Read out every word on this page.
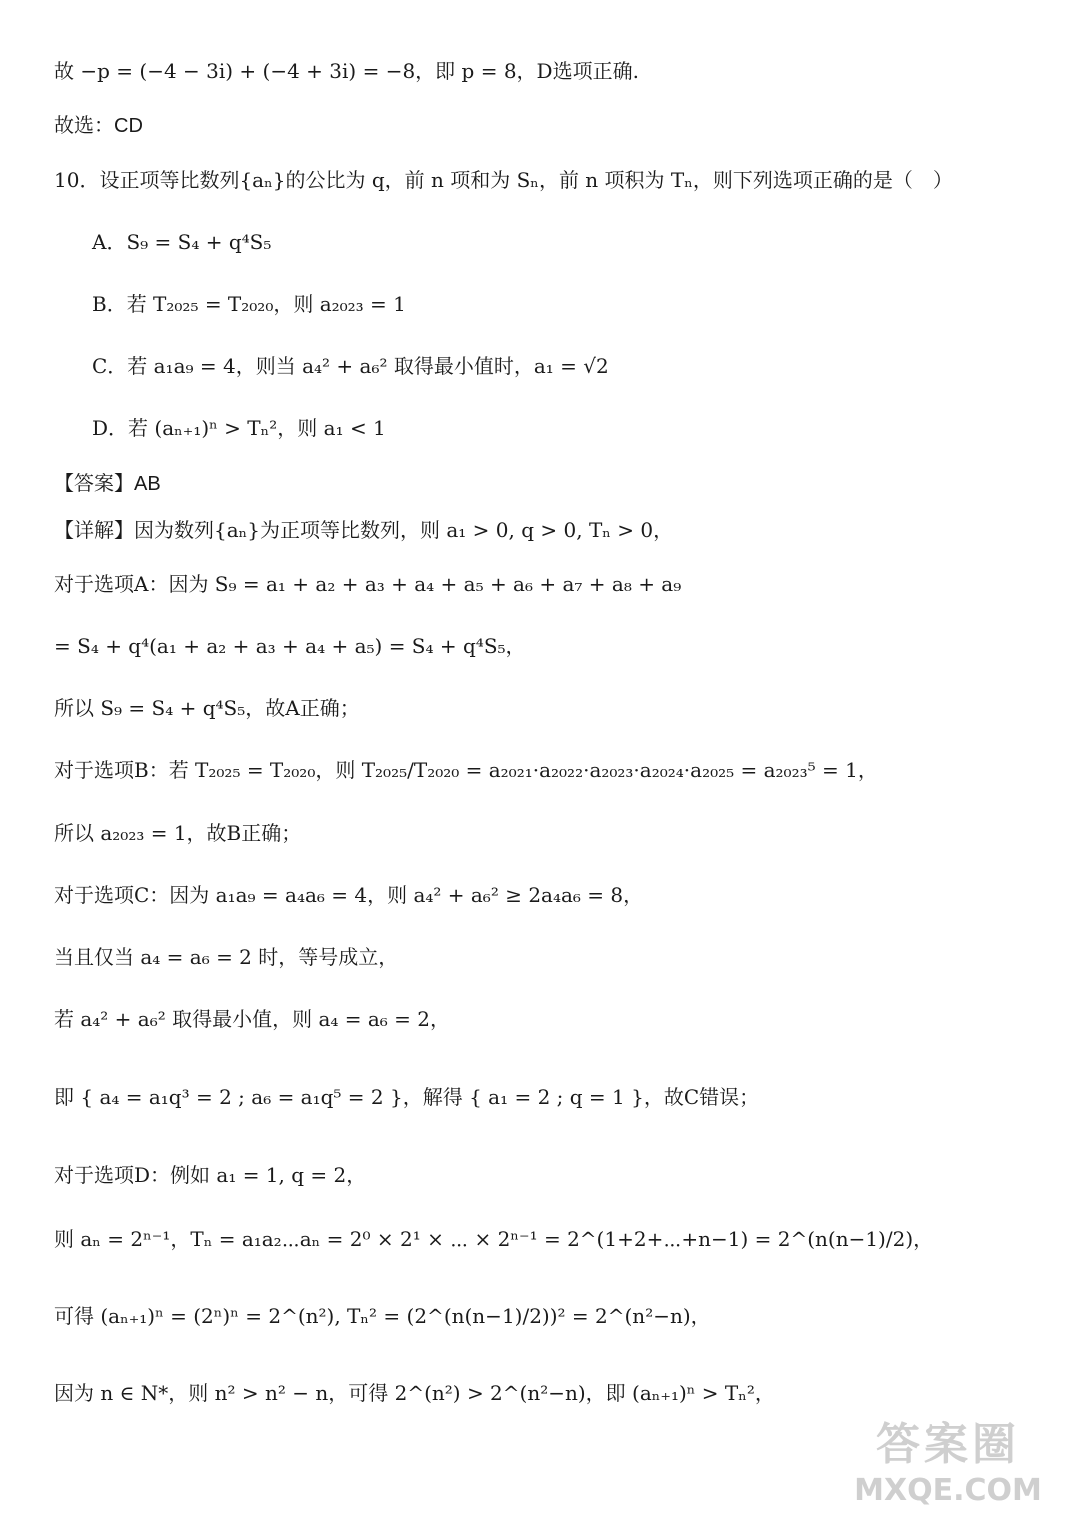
故 −p = (−4 − 3i) + (−4 + 3i) = −8，即 p = 8，D选项正确.
故选：CD
10．设正项等比数列{aₙ}的公比为 q，前 n 项和为 Sₙ，前 n 项积为 Tₙ，则下列选项正确的是（　）
A．S₉ = S₄ + q⁴S₅
B．若 T₂₀₂₅ = T₂₀₂₀，则 a₂₀₂₃ = 1
C．若 a₁a₉ = 4，则当 a₄² + a₆² 取得最小值时，a₁ = √2
D．若 (aₙ₊₁)ⁿ > Tₙ²，则 a₁ < 1
【答案】AB
【详解】因为数列{aₙ}为正项等比数列，则 a₁ > 0, q > 0, Tₙ > 0，
对于选项A：因为 S₉ = a₁ + a₂ + a₃ + a₄ + a₅ + a₆ + a₇ + a₈ + a₉
= S₄ + q⁴(a₁ + a₂ + a₃ + a₄ + a₅) = S₄ + q⁴S₅，
所以 S₉ = S₄ + q⁴S₅，故A正确；
对于选项B：若 T₂₀₂₅ = T₂₀₂₀，则 T₂₀₂₅/T₂₀₂₀ = a₂₀₂₁·a₂₀₂₂·a₂₀₂₃·a₂₀₂₄·a₂₀₂₅ = a₂₀₂₃⁵ = 1，
所以 a₂₀₂₃ = 1，故B正确；
对于选项C：因为 a₁a₉ = a₄a₆ = 4，则 a₄² + a₆² ≥ 2a₄a₆ = 8，
当且仅当 a₄ = a₆ = 2 时，等号成立，
若 a₄² + a₆² 取得最小值，则 a₄ = a₆ = 2，
即 { a₄ = a₁q³ = 2 ; a₆ = a₁q⁵ = 2 }，解得 { a₁ = 2 ; q = 1 }，故C错误；
对于选项D：例如 a₁ = 1, q = 2，
则 aₙ = 2ⁿ⁻¹，Tₙ = a₁a₂⋯aₙ = 2⁰ × 2¹ × ⋯ × 2ⁿ⁻¹ = 2^(1+2+⋯+n−1) = 2^(n(n−1)/2)，
可得 (aₙ₊₁)ⁿ = (2ⁿ)ⁿ = 2^(n²), Tₙ² = (2^(n(n−1)/2))² = 2^(n²−n)，
因为 n ∈ N*，则 n² > n² − n，可得 2^(n²) > 2^(n²−n)，即 (aₙ₊₁)ⁿ > Tₙ²，
答案圈
MXQE.COM
